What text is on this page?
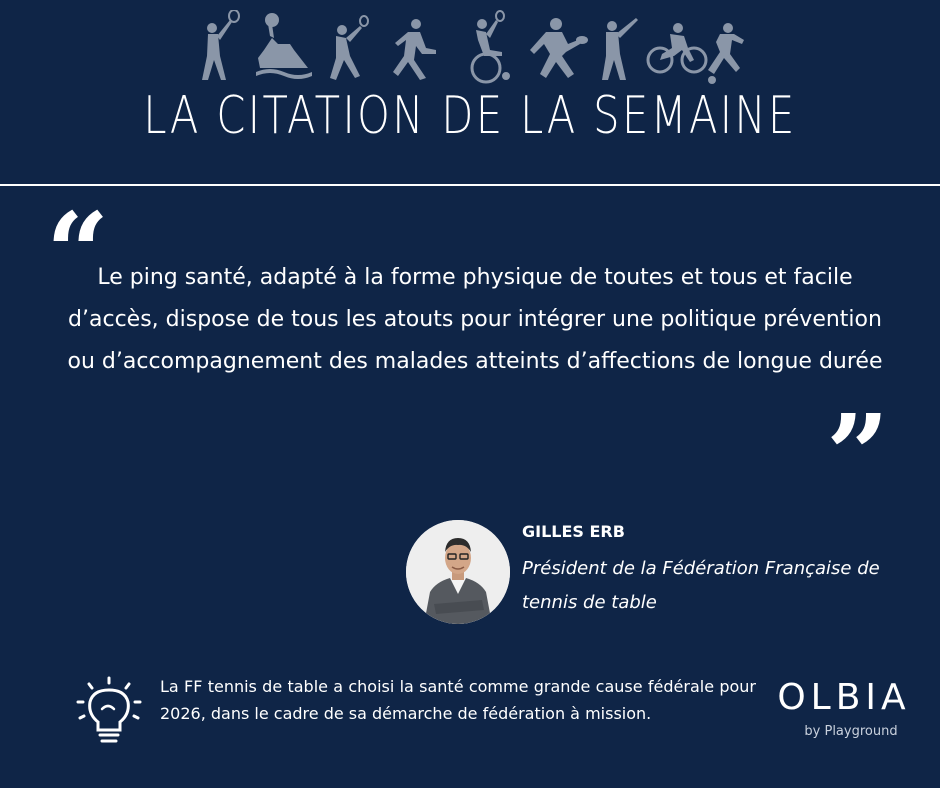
LA CITATION DE LA SEMAINE
“
Le ping santé, adapté à la forme physique de toutes et tous et facile d’accès, dispose de tous les atouts pour intégrer une politique prévention ou d’accompagnement des malades atteints d’affections de longue durée
”
GILLES ERB
Président de la Fédération Française de tennis de table
La FF tennis de table a choisi la santé comme grande cause fédérale pour 2026, dans le cadre de sa démarche de fédération à mission.	OLBIA
by Playground
